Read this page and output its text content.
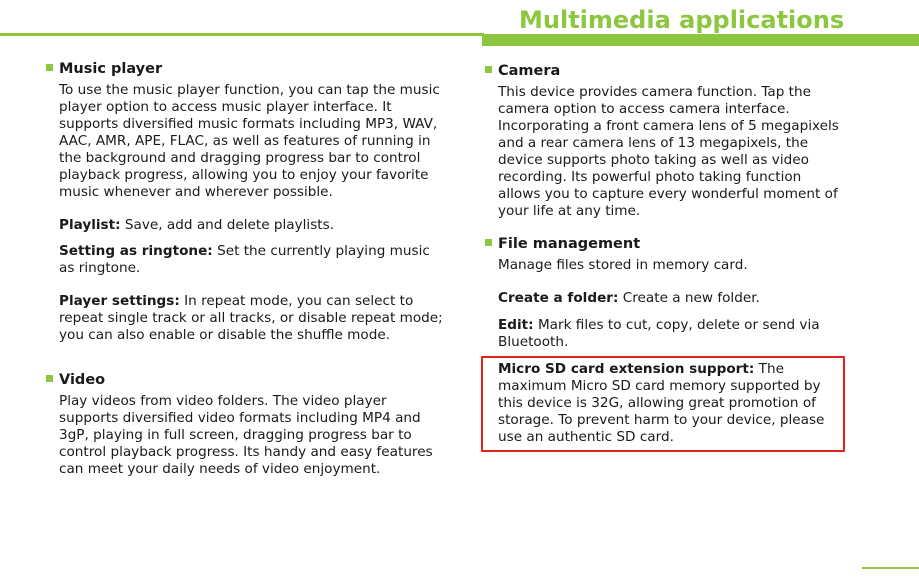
Multimedia applications
Music player

To use the music player function, you can tap the music player option to access music player interface. It supports diversified music formats including MP3, WAV, AAC, AMR, APE, FLAC, as well as features of running in the background and dragging progress bar to control playback progress, allowing you to enjoy your favorite music whenever and wherever possible.

Playlist: Save, add and delete playlists.

Setting as ringtone: Set the currently playing music as ringtone.

Player settings: In repeat mode, you can select to repeat single track or all tracks, or disable repeat mode; you can also enable or disable the shuffle mode.

Video

Play videos from video folders. The video player supports diversified video formats including MP4 and 3gP, playing in full screen, dragging progress bar to control playback progress. Its handy and easy features can meet your daily needs of video enjoyment.

Camera

This device provides camera function. Tap the camera option to access camera interface. Incorporating a front camera lens of 5 megapixels and a rear camera lens of 13 megapixels, the device supports photo taking as well as video recording. Its powerful photo taking function allows you to capture every wonderful moment of your life at any time.

File management

Manage files stored in memory card.

Create a folder: Create a new folder.

Edit: Mark files to cut, copy, delete or send via Bluetooth.

Micro SD card extension support: The maximum Micro SD card memory supported by this device is 32G, allowing great promotion of storage. To prevent harm to your device, please use an authentic SD card.
